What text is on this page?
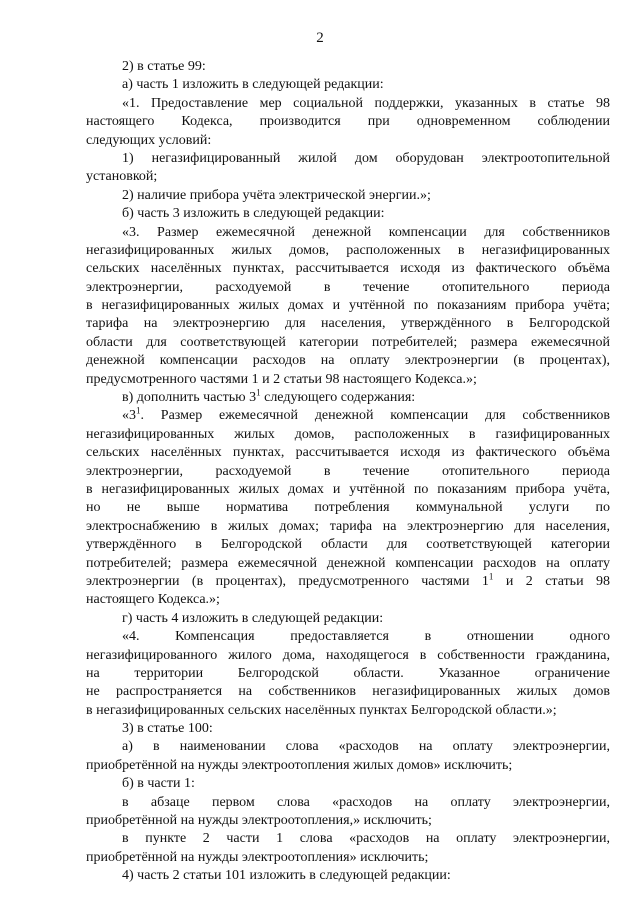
2
2) в статье 99:
а) часть 1 изложить в следующей редакции:
«1. Предоставление мер социальной поддержки, указанных в статье 98
настоящего Кодекса, производится при одновременном соблюдении
следующих условий:
1) негазифицированный жилой дом оборудован электроотопительной
установкой;
2) наличие прибора учёта электрической энергии.»;
б) часть 3 изложить в следующей редакции:
«3. Размер ежемесячной денежной компенсации для собственников
негазифицированных жилых домов, расположенных в негазифицированных
сельских населённых пунктах, рассчитывается исходя из фактического объёма
электроэнергии, расходуемой в течение отопительного периода
в негазифицированных жилых домах и учтённой по показаниям прибора учёта;
тарифа на электроэнергию для населения, утверждённого в Белгородской
области для соответствующей категории потребителей; размера ежемесячной
денежной компенсации расходов на оплату электроэнергии (в процентах),
предусмотренного частями 1 и 2 статьи 98 настоящего Кодекса.»;
в) дополнить частью $3^1$ следующего содержания:
«$3^1$. Размер ежемесячной денежной компенсации для собственников
негазифицированных жилых домов, расположенных в газифицированных
сельских населённых пунктах, рассчитывается исходя из фактического объёма
электроэнергии, расходуемой в течение отопительного периода
в негазифицированных жилых домах и учтённой по показаниям прибора учёта,
но не выше норматива потребления коммунальной услуги по
электроснабжению в жилых домах; тарифа на электроэнергию для населения,
утверждённого в Белгородской области для соответствующей категории
потребителей; размера ежемесячной денежной компенсации расходов на оплату
электроэнергии (в процентах), предусмотренного частями $1^1$ и 2 статьи 98
настоящего Кодекса.»;
г) часть 4 изложить в следующей редакции:
«4. Компенсация предоставляется в отношении одного
негазифицированного жилого дома, находящегося в собственности гражданина,
на территории Белгородской области. Указанное ограничение
не распространяется на собственников негазифицированных жилых домов
в негазифицированных сельских населённых пунктах Белгородской области.»;
3) в статье 100:
а) в наименовании слова «расходов на оплату электроэнергии,
приобретённой на нужды электроотопления жилых домов» исключить;
б) в части 1:
в абзаце первом слова «расходов на оплату электроэнергии,
приобретённой на нужды электроотопления,» исключить;
в пункте 2 части 1 слова «расходов на оплату электроэнергии,
приобретённой на нужды электроотопления» исключить;
4) часть 2 статьи 101 изложить в следующей редакции:
